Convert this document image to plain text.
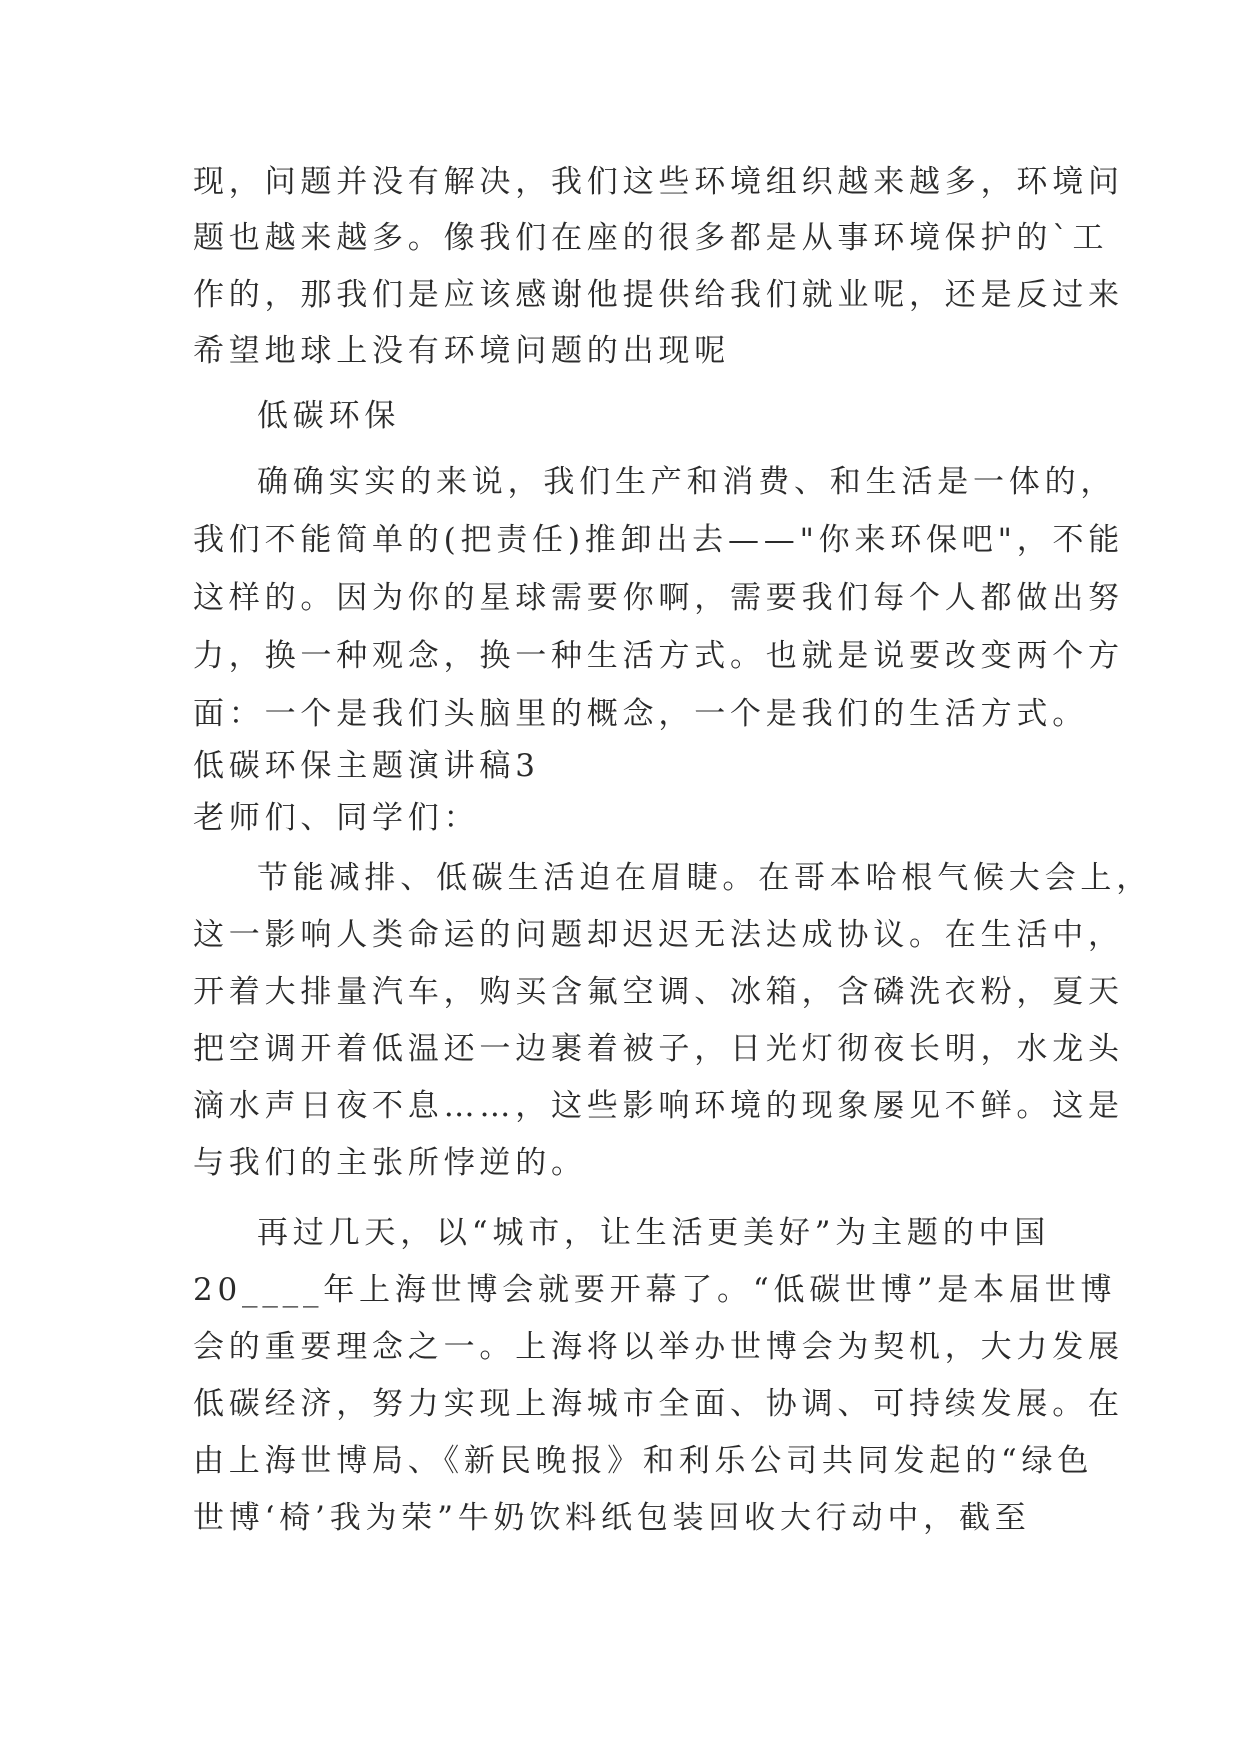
现，问题并没有解决，我们这些环境组织越来越多，环境问
题也越来越多。像我们在座的很多都是从事环境保护的`工
作的，那我们是应该感谢他提供给我们就业呢，还是反过来
希望地球上没有环境问题的出现呢
低碳环保
确确实实的来说，我们生产和消费、和生活是一体的，
我们不能简单的(把责任)推卸出去——"你来环保吧"，不能
这样的。因为你的星球需要你啊，需要我们每个人都做出努
力，换一种观念，换一种生活方式。也就是说要改变两个方
面：一个是我们头脑里的概念，一个是我们的生活方式。
低碳环保主题演讲稿3
老师们、同学们：
节能减排、低碳生活迫在眉睫。在哥本哈根气候大会上，
这一影响人类命运的问题却迟迟无法达成协议。在生活中，
开着大排量汽车，购买含氟空调、冰箱，含磷洗衣粉，夏天
把空调开着低温还一边裹着被子，日光灯彻夜长明，水龙头
滴水声日夜不息……，这些影响环境的现象屡见不鲜。这是
与我们的主张所悖逆的。
再过几天，以“城市，让生活更美好”为主题的中国
20____年上海世博会就要开幕了。“低碳世博”是本届世博
会的重要理念之一。上海将以举办世博会为契机，大力发展
低碳经济，努力实现上海城市全面、协调、可持续发展。在
由上海世博局、《新民晚报》和利乐公司共同发起的“绿色
世博‘椅’我为荣”牛奶饮料纸包装回收大行动中，截至
